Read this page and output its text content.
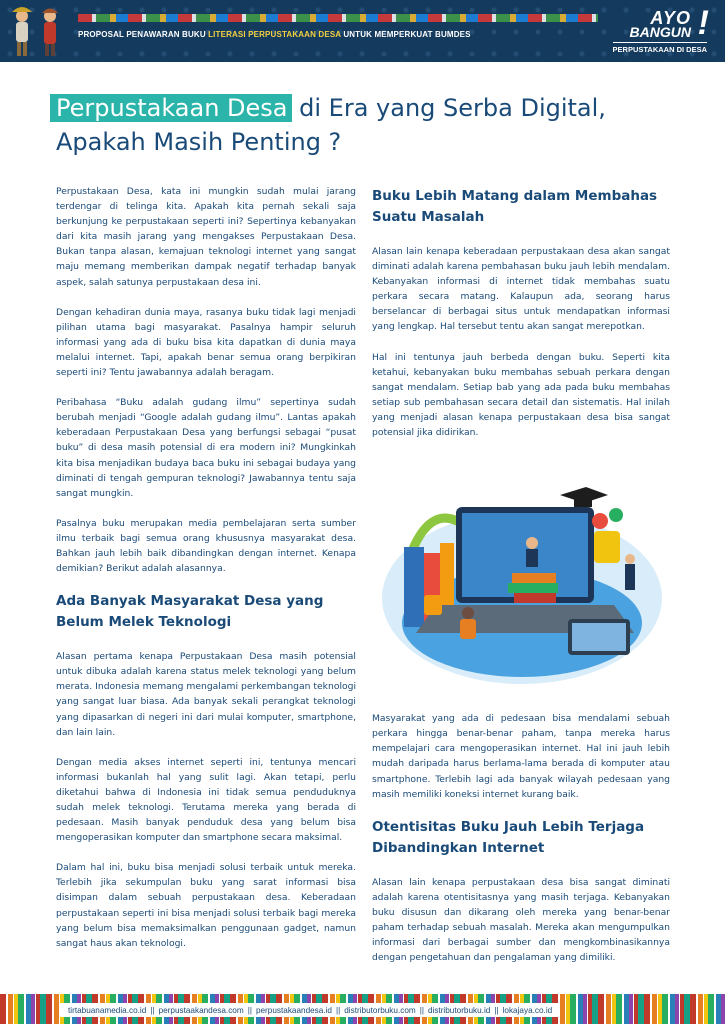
PROPOSAL PENAWARAN BUKU LITERASI PERPUSTAKAAN DESA UNTUK MEMPERKUAT BUMDES
AYO
BANGUN !
PERPUSTAKAAN DI DESA
Perpustakaan Desa di Era yang Serba Digital,
Apakah Masih Penting ?

Perpustakaan Desa, kata ini mungkin sudah mulai jarang terdengar di telinga kita. Apakah kita pernah sekali saja berkunjung ke perpustakaan seperti ini? Sepertinya kebanyakan dari kita masih jarang yang mengakses Perpustakaan Desa. Bukan tanpa alasan, kemajuan teknologi internet yang sangat maju memang memberikan dampak negatif terhadap banyak aspek, salah satunya perpustakaan desa ini.

Dengan kehadiran dunia maya, rasanya buku tidak lagi menjadi pilihan utama bagi masyarakat. Pasalnya hampir seluruh informasi yang ada di buku bisa kita dapatkan di dunia maya melalui internet. Tapi, apakah benar semua orang berpikiran seperti ini? Tentu jawabannya adalah beragam.

Peribahasa “Buku adalah gudang ilmu” sepertinya sudah berubah menjadi “Google adalah gudang ilmu”. Lantas apakah keberadaan Perpustakaan Desa yang berfungsi sebagai “pusat buku” di desa masih potensial di era modern ini? Mungkinkah kita bisa menjadikan budaya baca buku ini sebagai budaya yang diminati di tengah gempuran teknologi? Jawabannya tentu saja sangat mungkin.

Pasalnya buku merupakan media pembelajaran serta sumber ilmu terbaik bagi semua orang khususnya masyarakat desa. Bahkan jauh lebih baik dibandingkan dengan internet. Kenapa demikian? Berikut adalah alasannya.

Ada Banyak Masyarakat Desa yang Belum Melek Teknologi

Alasan pertama kenapa Perpustakaan Desa masih potensial untuk dibuka adalah karena status melek teknologi yang belum merata. Indonesia memang mengalami perkembangan teknologi yang sangat luar biasa. Ada banyak sekali perangkat teknologi yang dipasarkan di negeri ini dari mulai komputer, smartphone, dan lain lain.

Dengan media akses internet seperti ini, tentunya mencari informasi bukanlah hal yang sulit lagi. Akan tetapi, perlu diketahui bahwa di Indonesia ini tidak semua penduduknya sudah melek teknologi. Terutama mereka yang berada di pedesaan. Masih banyak penduduk desa yang belum bisa mengoperasikan komputer dan smartphone secara maksimal.

Dalam hal ini, buku bisa menjadi solusi terbaik untuk mereka. Terlebih jika sekumpulan buku yang sarat informasi bisa disimpan dalam sebuah perpustakaan desa. Keberadaan perpustakaan seperti ini bisa menjadi solusi terbaik bagi mereka yang belum bisa memaksimalkan penggunaan gadget, namun sangat haus akan teknologi.

Buku Lebih Matang dalam Membahas Suatu Masalah

Alasan lain kenapa keberadaan perpustakaan desa akan sangat diminati adalah karena pembahasan buku jauh lebih mendalam. Kebanyakan informasi di internet tidak membahas suatu perkara secara matang. Kalaupun ada, seorang harus berselancar di berbagai situs untuk mendapatkan informasi yang lengkap. Hal tersebut tentu akan sangat merepotkan.

Hal ini tentunya jauh berbeda dengan buku. Seperti kita ketahui, kebanyakan buku membahas sebuah perkara dengan sangat mendalam. Setiap bab yang ada pada buku membahas setiap sub pembahasan secara detail dan sistematis. Hal inilah yang menjadi alasan kenapa perpustakaan desa bisa sangat potensial jika didirikan.

Masyarakat yang ada di pedesaan bisa mendalami sebuah perkara hingga benar-benar paham, tanpa mereka harus mempelajari cara mengoperasikan internet. Hal ini jauh lebih mudah daripada harus berlama-lama berada di komputer atau smartphone. Terlebih lagi ada banyak wilayah pedesaan yang masih memiliki koneksi internet kurang baik.

Otentisitas Buku Jauh Lebih Terjaga Dibandingkan Internet

Alasan lain kenapa perpustakaan desa bisa sangat diminati adalah karena otentisitasnya yang masih terjaga. Kebanyakan buku disusun dan dikarang oleh mereka yang benar-benar paham terhadap sebuah masalah. Mereka akan mengumpulkan informasi dari berbagai sumber dan mengkombinasikannya dengan pengetahuan dan pengalaman yang dimiliki.

tirtabuanamedia.co.id || perpustaakandesa.com || perpustakaandesa.id || distributorbuku.com || distributorbuku.id || lokajaya.co.id
